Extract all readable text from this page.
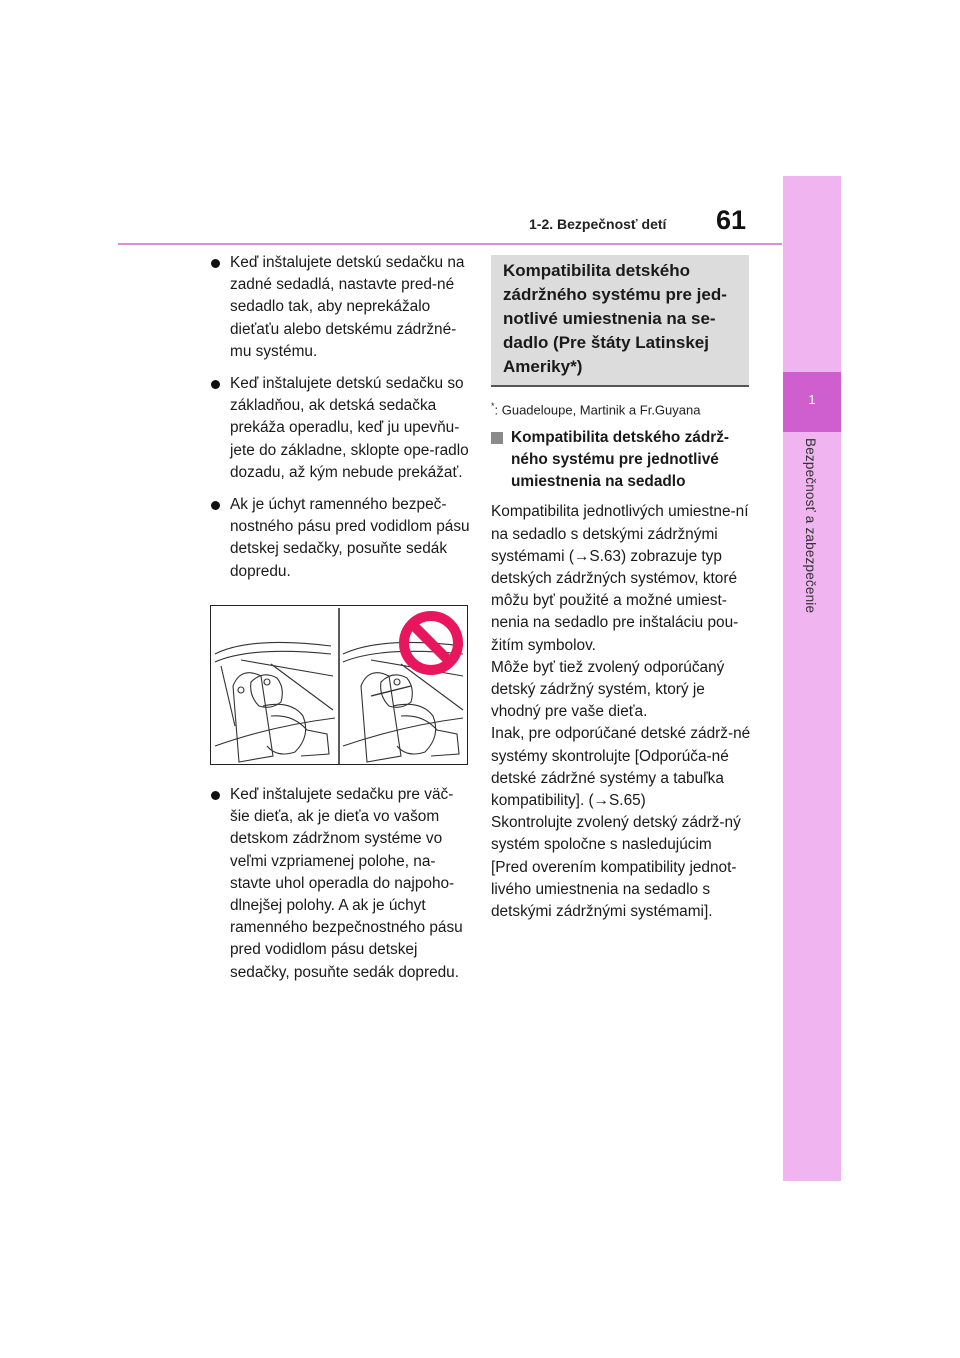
1-2. Bezpečnosť detí 61
1
Bezpečnosť a zabezpečenie
Keď inštalujete detskú sedačku na zadné sedadlá, nastavte pred-né sedadlo tak, aby neprekážalo dieťaťu alebo detskému zádržné-mu systému.
Keď inštalujete detskú sedačku so základňou, ak detská sedačka prekáža operadlu, keď ju upevňu-jete do základne, sklopte ope-radlo dozadu, až kým nebude prekážať.
Ak je úchyt ramenného bezpeč-nostného pásu pred vodidlom pásu detskej sedačky, posuňte sedák dopredu.
Keď inštalujete sedačku pre väč-šie dieťa, ak je dieťa vo vašom detskom zádržnom systéme vo veľmi vzpriamenej polohe, na-stavte uhol operadla do najpoho-dlnejšej polohy. A ak je úchyt ramenného bezpečnostného pásu pred vodidlom pásu detskej sedačky, posuňte sedák dopredu.
Kompatibilita detského zádržného systému pre jed-notlivé umiestnenia na se-dadlo (Pre štáty Latinskej Ameriky*)
*: Guadeloupe, Martinik a Fr.Guyana
Kompatibilita detského zádrž-ného systému pre jednotlivé umiestnenia na sedadlo

Kompatibilita jednotlivých umiestne-ní na sedadlo s detskými zádržnými systémami (→S.63) zobrazuje typ detských zádržných systémov, ktoré môžu byť použité a možné umiest-nenia na sedadlo pre inštaláciu pou-žitím symbolov.

Môže byť tiež zvolený odporúčaný detský zádržný systém, ktorý je vhodný pre vaše dieťa.

Inak, pre odporúčané detské zádrž-né systémy skontrolujte [Odporúča-né detské zádržné systémy a tabuľka kompatibility]. (→S.65)

Skontrolujte zvolený detský zádrž-ný systém spoločne s nasledujúcim [Pred overením kompatibility jednot-livého umiestnenia na sedadlo s detskými zádržnými systémami].
